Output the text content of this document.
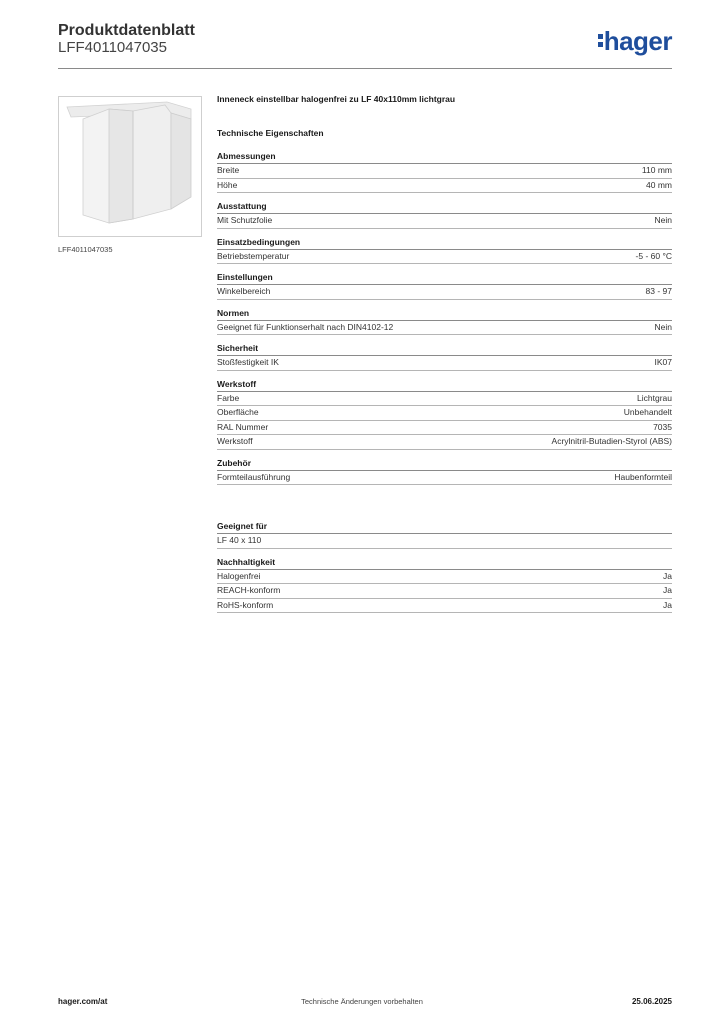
Produktdatenblatt
LFF4011047035	hager
LFF4011047035
Inneneck einstellbar halogenfrei zu LF 40x110mm lichtgrau
Technische Eigenschaften
Abmessungen
Breite	110 mm
Höhe	40 mm
Ausstattung
Mit Schutzfolie	Nein
Einsatzbedingungen
Betriebstemperatur	-5 - 60 °C
Einstellungen
Winkelbereich	83 - 97
Normen
Geeignet für Funktionserhalt nach DIN4102-12	Nein
Sicherheit
Stoßfestigkeit IK	IK07
Werkstoff
Farbe	Lichtgrau
Oberfläche	Unbehandelt
RAL Nummer	7035
Werkstoff	Acrylnitril-Butadien-Styrol (ABS)
Zubehör
Formteilausführung	Haubenformteil
Geeignet für
LF 40 x 110
Nachhaltigkeit
Halogenfrei	Ja
REACH-konform	Ja
RoHS-konform	Ja
hager.com/at	Technische Änderungen vorbehalten	25.06.2025
